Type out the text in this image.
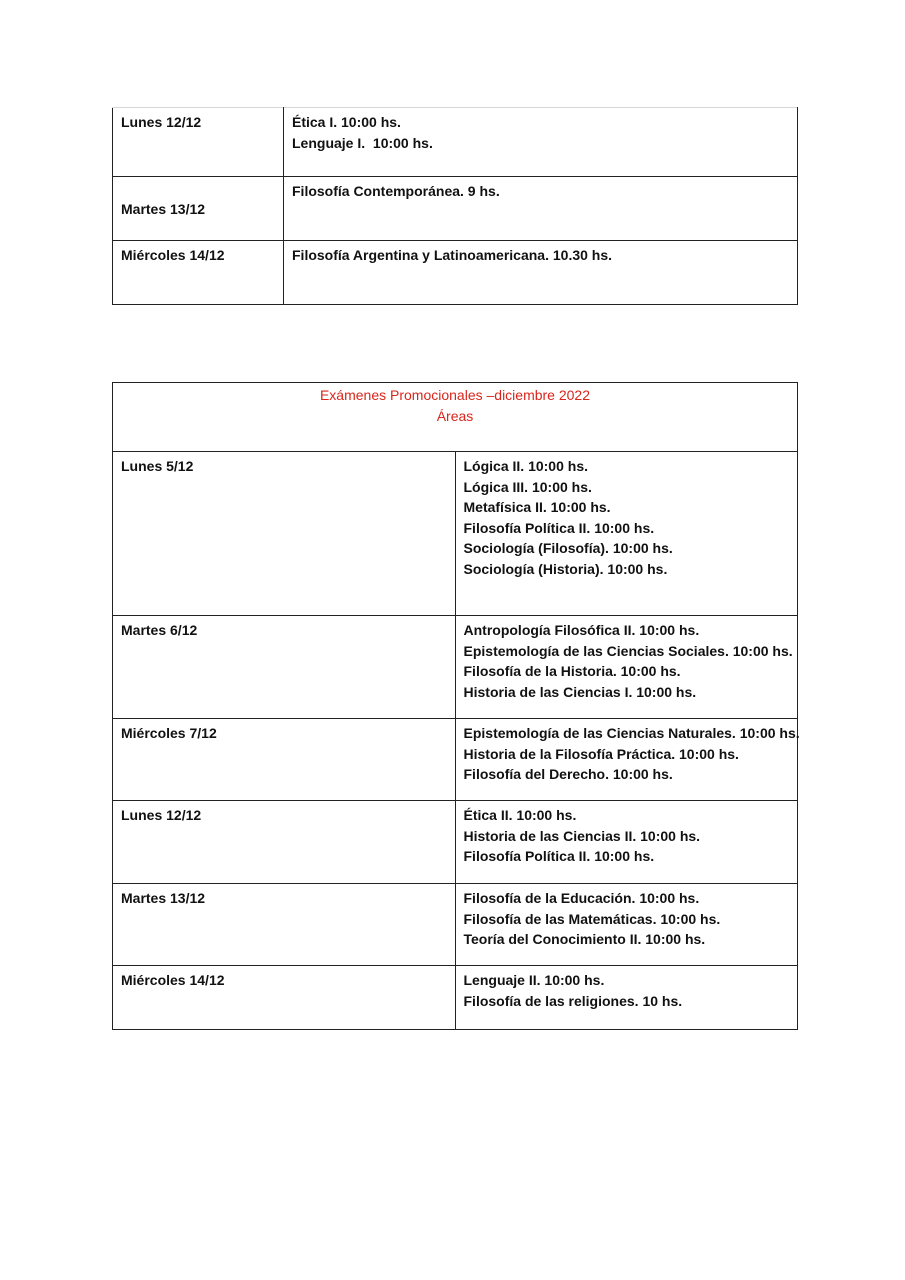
Lunes 12/12	Ética I. 10:00 hs.
Lenguaje I.  10:00 hs.

Martes 13/12	Filosofía Contemporánea. 9 hs.

Miércoles 14/12	Filosofía Argentina y Latinoamericana. 10.30 hs.
Exámenes Promocionales –diciembre 2022
Áreas	

Lunes 5/12	Lógica II. 10:00 hs.
Lógica III. 10:00 hs.
Metafísica II. 10:00 hs.
Filosofía Política II. 10:00 hs.
Sociología (Filosofía). 10:00 hs.
Sociología (Historia). 10:00 hs.

Martes 6/12	Antropología Filosófica II. 10:00 hs.
Epistemología de las Ciencias Sociales. 10:00 hs.
Filosofía de la Historia. 10:00 hs.
Historia de las Ciencias I. 10:00 hs.

Miércoles 7/12	Epistemología de las Ciencias Naturales. 10:00 hs.
Historia de la Filosofía Práctica. 10:00 hs.
Filosofía del Derecho. 10:00 hs.

Lunes 12/12	Ética II. 10:00 hs.
Historia de las Ciencias II. 10:00 hs.
Filosofía Política II. 10:00 hs.

Martes 13/12	Filosofía de la Educación. 10:00 hs.
Filosofía de las Matemáticas. 10:00 hs.
Teoría del Conocimiento II. 10:00 hs.

Miércoles 14/12	Lenguaje II. 10:00 hs.
Filosofía de las religiones. 10 hs.
